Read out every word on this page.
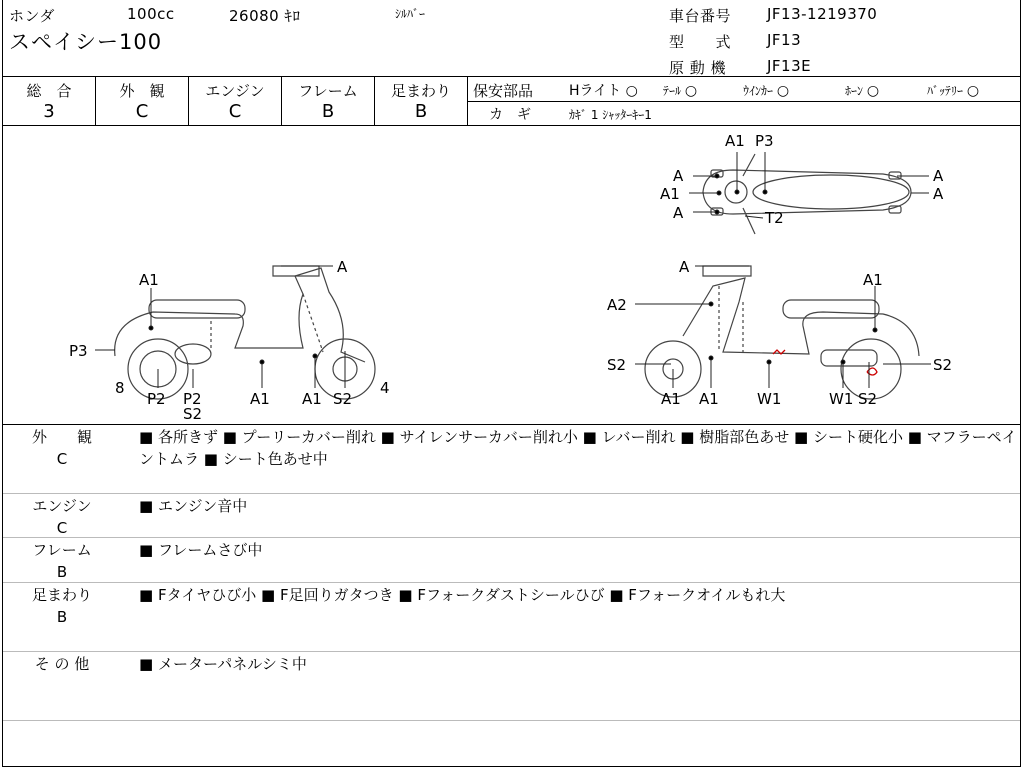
ホンダ	100cc	26080 ｷﾛ	ｼﾙﾊﾞｰ
スペイシー100
車台番号 JF13-1219370
型　　式 JF13
原 動 機	JF13E
総　合
3
外　観
C
エンジン
C
フレーム
B
足まわり
B
保安部品	Hライト ○ ﾃｰﾙ ○	ｳｲﾝｶｰ ○	ﾎｰﾝ ○	ﾊﾞｯﾃﾘｰ ○
カ　ギ	ｶｷﾞ 1 ｼｬｯﾀｰｷｰ1
A1 P3
A
A1
A	T2
A
A
A
A1
P3
8
P2 P2
S2
A1 A1 S2
4
A
A1
A2
S2	S2
A1 A1	W1	W1 S2
外　　観
C
■ 各所きず ■ プーリーカバー削れ ■ サイレンサーカバー削れ小 ■ レバー削れ ■ 樹脂部色あせ ■ シート硬化小 ■ マフラーペイントムラ ■ シート色あせ中
エンジン
C
■ エンジン音中
フレーム
B
■ フレームさび中
足まわり
B
■ Fタイヤひび小 ■ F足回りガタつき ■ Fフォークダストシールひび ■ Fフォークオイルもれ大
そ の 他	■ メーターパネルシミ中
